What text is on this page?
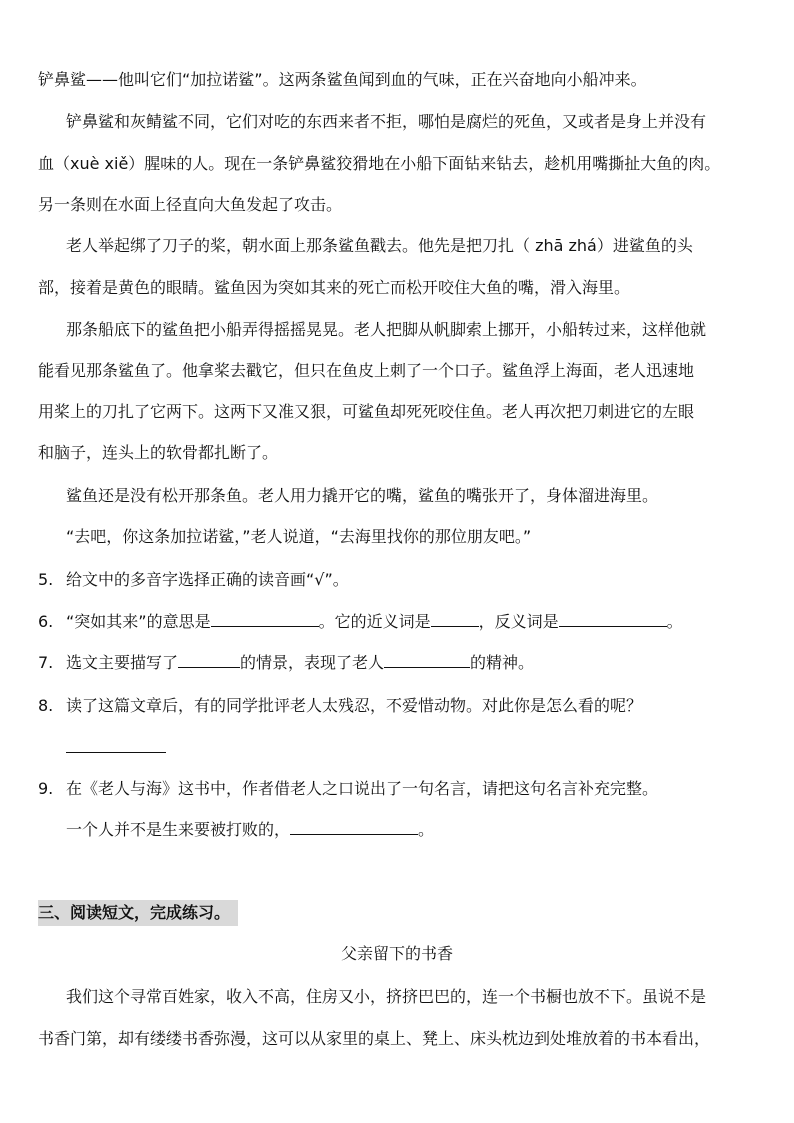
铲鼻鲨——他叫它们“加拉诺鲨”。这两条鲨鱼闻到血的气味，正在兴奋地向小船冲来。
铲鼻鲨和灰鲭鲨不同，它们对吃的东西来者不拒，哪怕是腐烂的死鱼，又或者是身上并没有
血（xuè xiě）腥味的人。现在一条铲鼻鲨狡猾地在小船下面钻来钻去，趁机用嘴撕扯大鱼的肉。
另一条则在水面上径直向大鱼发起了攻击。
老人举起绑了刀子的桨，朝水面上那条鲨鱼戳去。他先是把刀扎（ zhā zhá）进鲨鱼的头
部，接着是黄色的眼睛。鲨鱼因为突如其来的死亡而松开咬住大鱼的嘴，滑入海里。
那条船底下的鲨鱼把小船弄得摇摇晃晃。老人把脚从帆脚索上挪开，小船转过来，这样他就
能看见那条鲨鱼了。他拿桨去戳它，但只在鱼皮上刺了一个口子。鲨鱼浮上海面，老人迅速地
用桨上的刀扎了它两下。这两下又准又狠，可鲨鱼却死死咬住鱼。老人再次把刀刺进它的左眼
和脑子，连头上的软骨都扎断了。
鲨鱼还是没有松开那条鱼。老人用力撬开它的嘴，鲨鱼的嘴张开了，身体溜进海里。
“去吧，你这条加拉诺鲨，”老人说道，“去海里找你的那位朋友吧。”
5. 给文中的多音字选择正确的读音画“√”。
6. “突如其来”的意思是	。它的近义词是	，反义词是	。
7. 选文主要描写了	的情景，表现了老人	的精神。
8. 读了这篇文章后，有的同学批评老人太残忍，不爱惜动物。对此你是怎么看的呢？
9. 在《老人与海》这书中，作者借老人之口说出了一句名言，请把这句名言补充完整。
一个人并不是生来要被打败的，	。
三、阅读短文，完成练习。
父亲留下的书香
我们这个寻常百姓家，收入不高，住房又小，挤挤巴巴的，连一个书橱也放不下。虽说不是
书香门第，却有缕缕书香弥漫，这可以从家里的桌上、凳上、床头枕边到处堆放着的书本看出，
